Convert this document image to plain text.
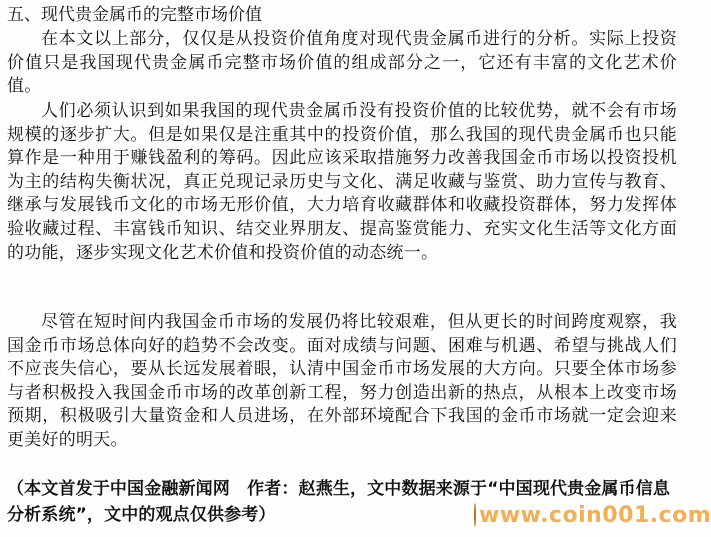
五、现代贵金属币的完整市场价值

在本文以上部分，仅仅是从投资价值角度对现代贵金属币进行的分析。实际上投资价值只是我国现代贵金属币完整市场价值的组成部分之一，它还有丰富的文化艺术价值。

人们必须认识到如果我国的现代贵金属币没有投资价值的比较优势，就不会有市场规模的逐步扩大。但是如果仅是注重其中的投资价值，那么我国的现代贵金属币也只能算作是一种用于赚钱盈利的筹码。因此应该采取措施努力改善我国金币市场以投资投机为主的结构失衡状况，真正兑现记录历史与文化、满足收藏与鉴赏、助力宣传与教育、继承与发展钱币文化的市场无形价值，大力培育收藏群体和收藏投资群体，努力发挥体验收藏过程、丰富钱币知识、结交业界朋友、提高鉴赏能力、充实文化生活等文化方面的功能，逐步实现文化艺术价值和投资价值的动态统一。

尽管在短时间内我国金币市场的发展仍将比较艰难，但从更长的时间跨度观察，我国金币市场总体向好的趋势不会改变。面对成绩与问题、困难与机遇、希望与挑战人们不应丧失信心，要从长远发展着眼，认清中国金币市场发展的大方向。只要全体市场参与者积极投入我国金币市场的改革创新工程，努力创造出新的热点，从根本上改变市场预期，积极吸引大量资金和人员进场，在外部环境配合下我国的金币市场就一定会迎来更美好的明天。

（本文首发于中国金融新闻网　作者：赵燕生，文中数据来源于“中国现代贵金属币信息分析系统”，文中的观点仅供参考）	www.coin001.com
